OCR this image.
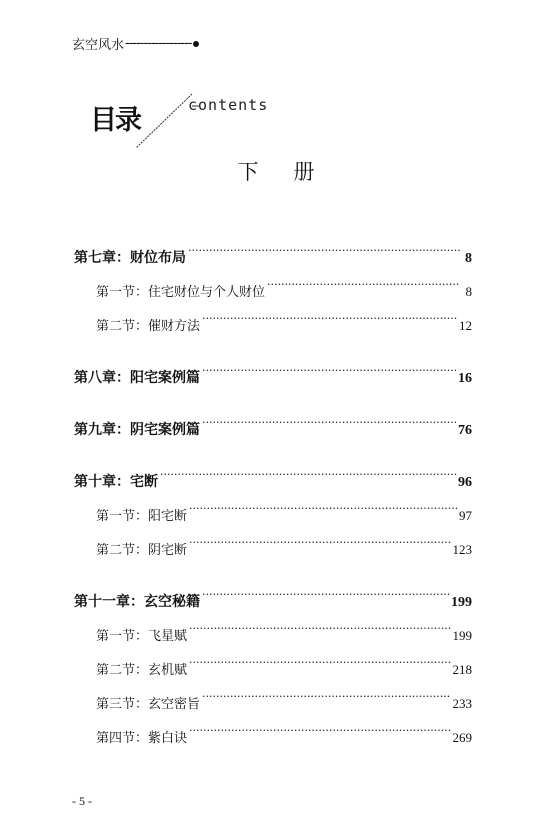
玄空风水 ------------------
目录	contents
下 册
第七章：财位布局 .....	8
第一节：住宅财位与个人财位 .....	8
第二节：催财方法 .....	12
第八章：阳宅案例篇 .....	16
第九章：阴宅案例篇 .....	76
第十章：宅断 .....	96
第一节：阳宅断 .....	97
第二节：阴宅断 .....	123
第十一章：玄空秘籍 .....	199
第一节：飞星赋 .....	199
第二节：玄机赋 .....	218
第三节：玄空密旨 .....	233
第四节：紫白诀 .....	269
- 5 -
